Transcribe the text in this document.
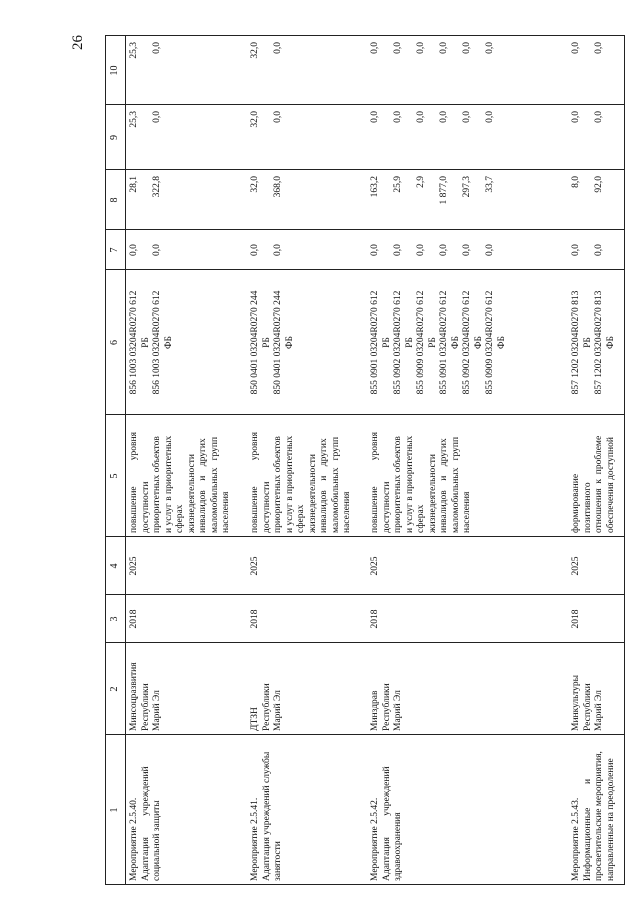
26
1
2
3
4
5
6
7
8
9
10
Мероприятие 2.5.40.
Адаптация         учреждений
социальной защиты
Минсоцразвития
Республики
Марий Эл
2018
2025
повышение           уровня
доступности
приоритетных объектов
и услуг в приоритетных
сферах
жизнедеятельности
инвалидов    и    других
маломобильных   групп
населения
856 1003 03204R0270 612
РБ
856 1003 03204R0270 612
ФБ
0,0

0,0
28,1

322,8
25,3

0,0
25,3

0,0
Мероприятие 2.5.41.
Адаптация учреждений службы
занятости
ДТЗН
Республики
Марий Эл
2018
2025
повышение           уровня
доступности
приоритетных объектов
и услуг в приоритетных
сферах
жизнедеятельности
инвалидов    и    других
маломобильных   групп
населения
850 0401 03204R0270 244
РБ
850 0401 03204R0270 244
ФБ
0,0

0,0
32,0

368,0
32,0

0,0
32,0

0,0
Мероприятие 2.5.42.
Адаптация         учреждений
здравоохранения
Минздрав
Республики
Марий Эл
2018
2025
повышение           уровня
доступности
приоритетных объектов
и услуг в приоритетных
сферах
жизнедеятельности
инвалидов    и    других
маломобильных   групп
населения
855 0901 03204R0270 612
РБ
855 0902 03204R0270 612
РБ
855 0909 03204R0270 612
РБ
855 0901 03204R0270 612
ФБ
855 0902 03204R0270 612
ФБ
855 0909 03204R0270 612
ФБ
0,0

0,0

0,0

0,0

0,0

0,0
163,2

25,9

2,9

1 877,0

297,3

33,7
0,0

0,0

0,0

0,0

0,0

0,0
0,0

0,0

0,0

0,0

0,0

0,0
Мероприятие 2.5.43.
Информационные          и
просветительские мероприятия,
направленные на преодоление
Минкультуры
Республики
Марий Эл
2018
2025
формирование
позитивного
отношения  к  проблеме
обеспечения доступной
857 1202 03204R0270 813
РБ
857 1202 03204R0270 813
ФБ
0,0

0,0
8,0

92,0
0,0

0,0
0,0

0,0
